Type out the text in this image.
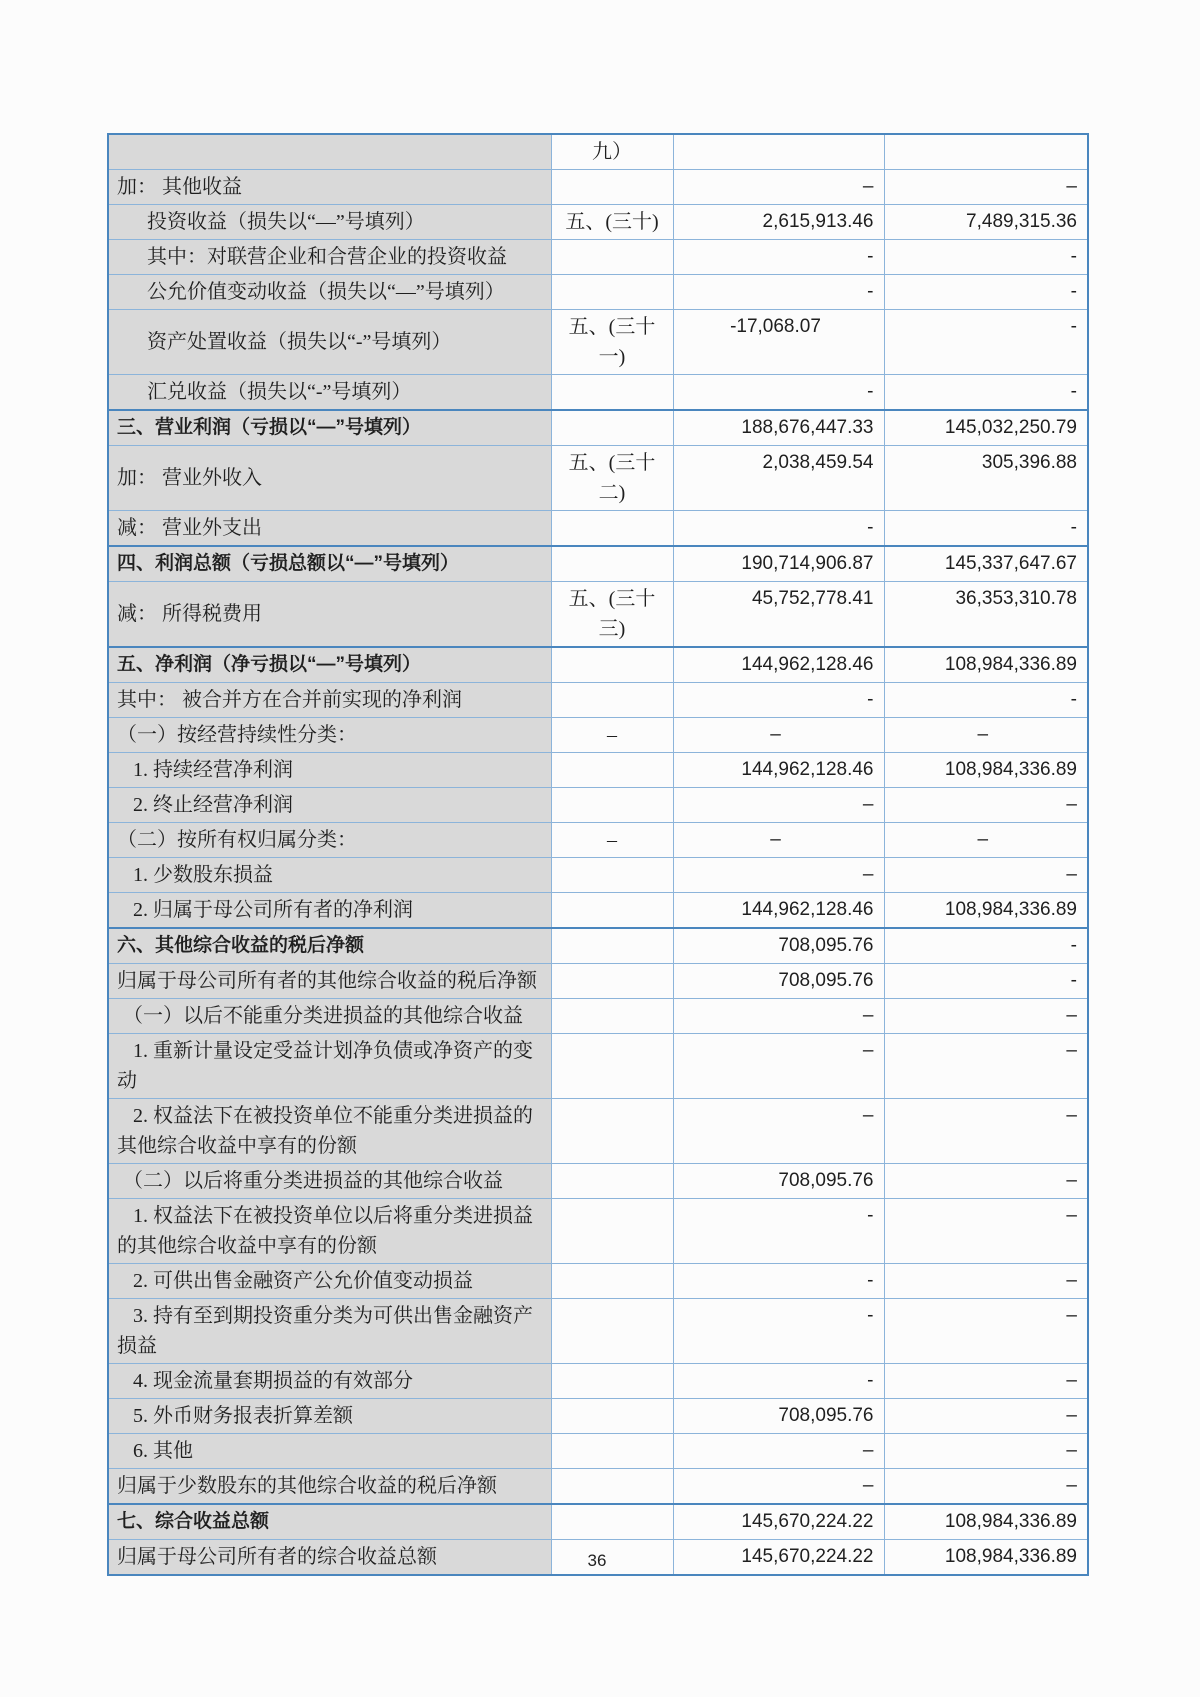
	九）		
加： 其他收益		–	–
投资收益（损失以“—”号填列）	五、(三十)	2,615,913.46	7,489,315.36
其中：对联营企业和合营企业的投资收益		-	-
公允价值变动收益（损失以“—”号填列）		-	-
资产处置收益（损失以“-”号填列）	五、(三十一)	-17,068.07	-
汇兑收益（损失以“-”号填列）		-	-
三、营业利润（亏损以“—”号填列）		188,676,447.33	145,032,250.79
加： 营业外收入	五、(三十二)	2,038,459.54	305,396.88
减： 营业外支出		-	-
四、利润总额（亏损总额以“—”号填列）		190,714,906.87	145,337,647.67
减： 所得税费用	五、(三十三)	45,752,778.41	36,353,310.78
五、净利润（净亏损以“—”号填列）		144,962,128.46	108,984,336.89
其中： 被合并方在合并前实现的净利润		-	-
（一）按经营持续性分类：	–	–	–
1. 持续经营净利润		144,962,128.46	108,984,336.89
2. 终止经营净利润		–	–
（二）按所有权归属分类：	–	–	–
1. 少数股东损益		–	–
2. 归属于母公司所有者的净利润		144,962,128.46	108,984,336.89
六、其他综合收益的税后净额		708,095.76	-
归属于母公司所有者的其他综合收益的税后净额		708,095.76	-
（一）以后不能重分类进损益的其他综合收益		–	–
1. 重新计量设定受益计划净负债或净资产的变动		–	–
2. 权益法下在被投资单位不能重分类进损益的其他综合收益中享有的份额		–	–
（二）以后将重分类进损益的其他综合收益		708,095.76	–
1. 权益法下在被投资单位以后将重分类进损益的其他综合收益中享有的份额		-	–
2. 可供出售金融资产公允价值变动损益		-	–
3. 持有至到期投资重分类为可供出售金融资产损益		-	–
4. 现金流量套期损益的有效部分		-	–
5. 外币财务报表折算差额		708,095.76	–
6. 其他		–	–
归属于少数股东的其他综合收益的税后净额		–	–
七、综合收益总额		145,670,224.22	108,984,336.89
归属于母公司所有者的综合收益总额		145,670,224.22	108,984,336.89
36
